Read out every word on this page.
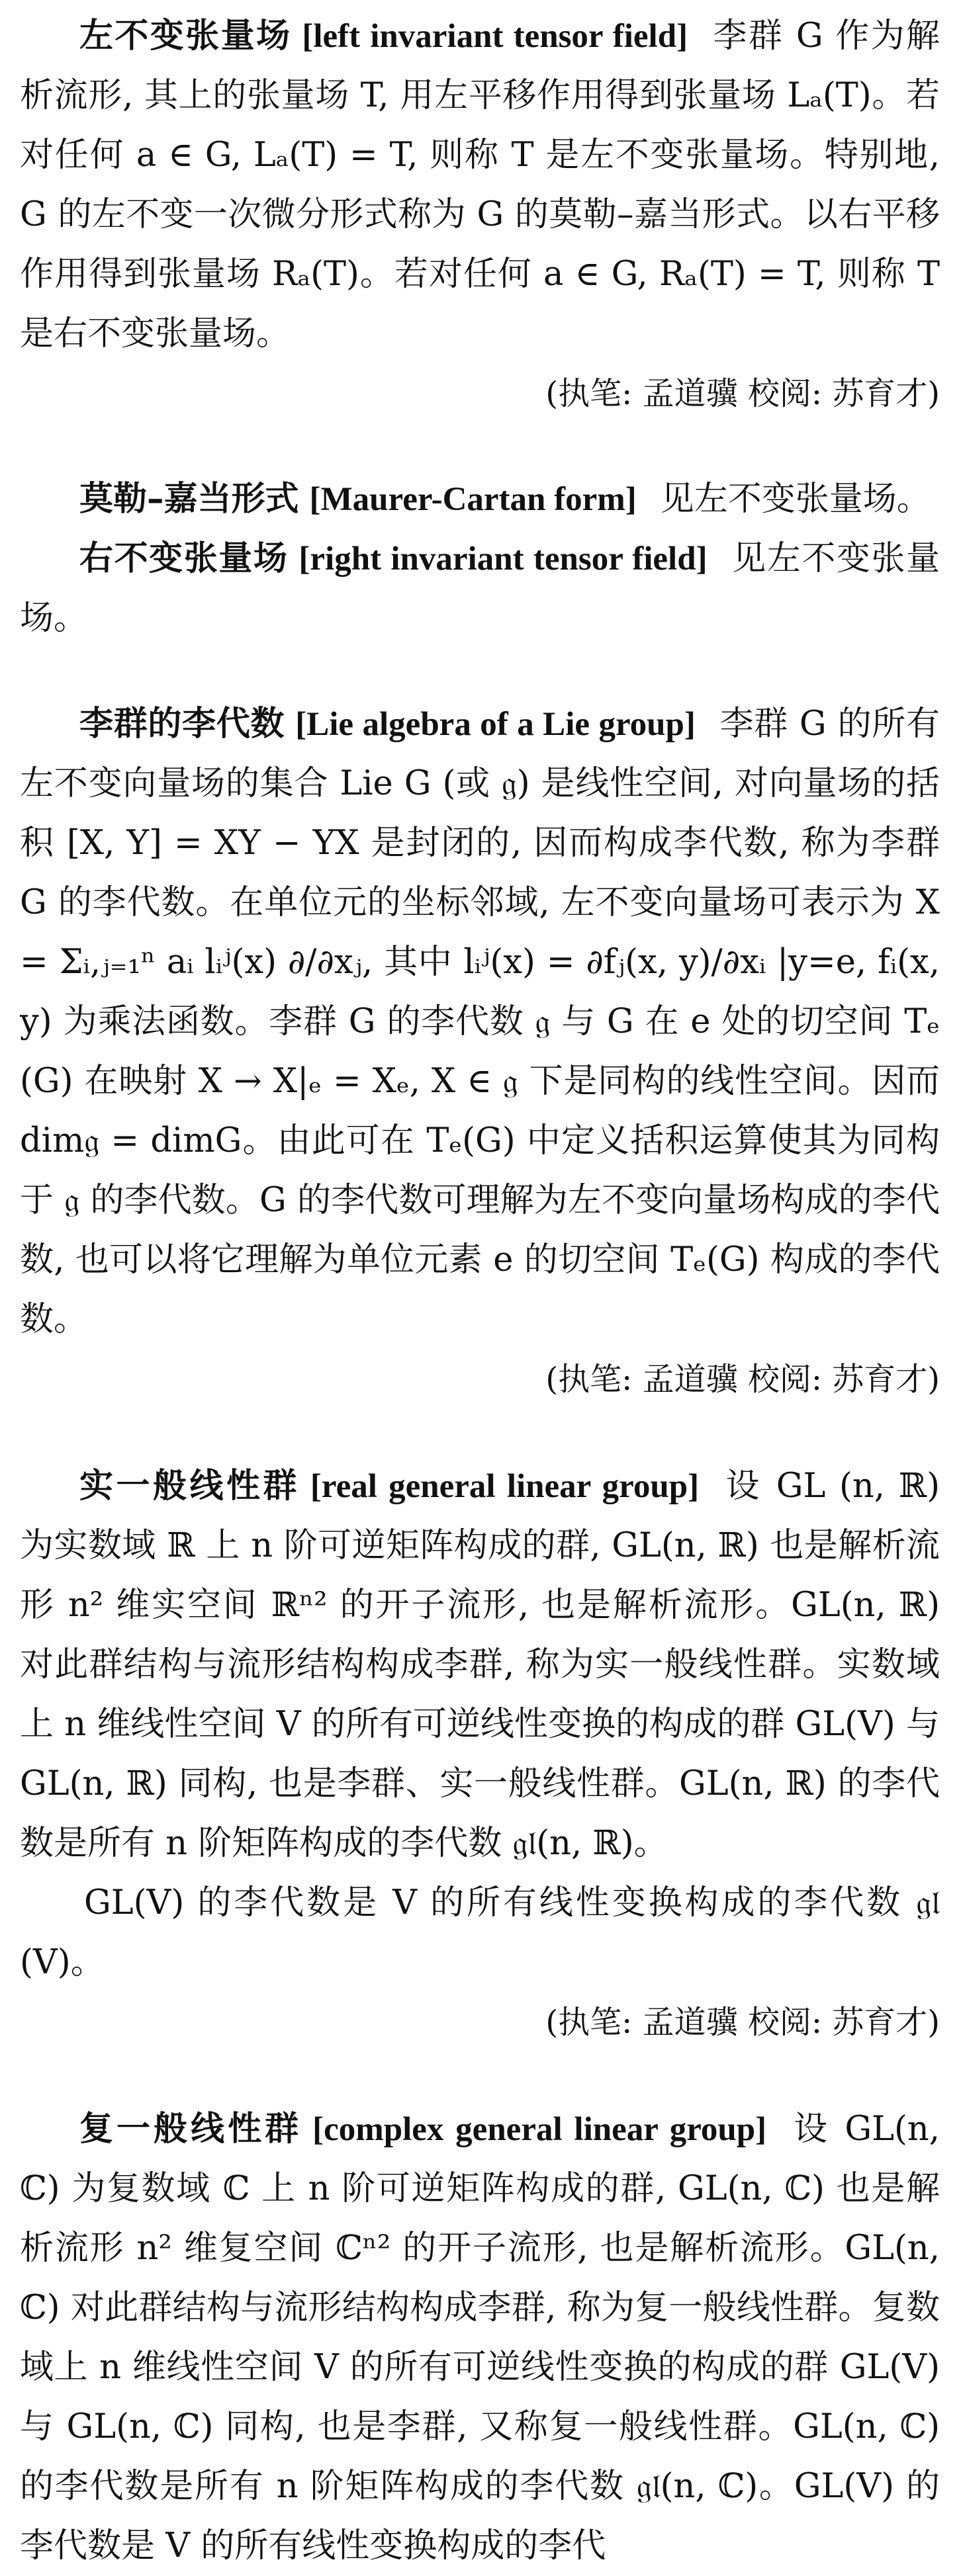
左不变张量场 [left invariant tensor field] 李群 G 作为解析流形, 其上的张量场 T, 用左平移作用得到张量场 Lₐ(T)。若对任何 a ∈ G, Lₐ(T) = T, 则称 T 是左不变张量场。特别地, G 的左不变一次微分形式称为 G 的莫勒–嘉当形式。以右平移作用得到张量场 Rₐ(T)。若对任何 a ∈ G, Rₐ(T) = T, 则称 T 是右不变张量场。

(执笔: 孟道骥 校阅: 苏育才)

莫勒–嘉当形式 [Maurer-Cartan form] 见左不变张量场。

右不变张量场 [right invariant tensor field] 见左不变张量场。

李群的李代数 [Lie algebra of a Lie group] 李群 G 的所有左不变向量场的集合 Lie G (或 𝔤) 是线性空间, 对向量场的括积 [X, Y] = XY − YX 是封闭的, 因而构成李代数, 称为李群 G 的李代数。在单位元的坐标邻域, 左不变向量场可表示为 X = Σᵢ,ⱼ₌₁ⁿ aᵢ lᵢʲ(x) ∂/∂xⱼ, 其中 lᵢʲ(x) = ∂fⱼ(x, y)/∂xᵢ |y=e, fᵢ(x, y) 为乘法函数。李群 G 的李代数 𝔤 与 G 在 e 处的切空间 Tₑ(G) 在映射 X → X|ₑ = Xₑ, X ∈ 𝔤 下是同构的线性空间。因而 dim𝔤 = dimG。由此可在 Tₑ(G) 中定义括积运算使其为同构于 𝔤 的李代数。G 的李代数可理解为左不变向量场构成的李代数, 也可以将它理解为单位元素 e 的切空间 Tₑ(G) 构成的李代数。

(执笔: 孟道骥 校阅: 苏育才)

实一般线性群 [real general linear group] 设 GL (n, ℝ) 为实数域 ℝ 上 n 阶可逆矩阵构成的群, GL(n, ℝ) 也是解析流形 n² 维实空间 ℝⁿ² 的开子流形, 也是解析流形。GL(n, ℝ) 对此群结构与流形结构构成李群, 称为实一般线性群。实数域上 n 维线性空间 V 的所有可逆线性变换的构成的群 GL(V) 与 GL(n, ℝ) 同构, 也是李群、实一般线性群。GL(n, ℝ) 的李代数是所有 n 阶矩阵构成的李代数 𝔤𝔩(n, ℝ)。

GL(V) 的李代数是 V 的所有线性变换构成的李代数 𝔤𝔩(V)。

(执笔: 孟道骥 校阅: 苏育才)

复一般线性群 [complex general linear group] 设 GL(n, ℂ) 为复数域 ℂ 上 n 阶可逆矩阵构成的群, GL(n, ℂ) 也是解析流形 n² 维复空间 ℂⁿ² 的开子流形, 也是解析流形。GL(n, ℂ) 对此群结构与流形结构构成李群, 称为复一般线性群。复数域上 n 维线性空间 V 的所有可逆线性变换的构成的群 GL(V) 与 GL(n, ℂ) 同构, 也是李群, 又称复一般线性群。GL(n, ℂ) 的李代数是所有 n 阶矩阵构成的李代数 𝔤𝔩(n, ℂ)。GL(V) 的李代数是 V 的所有线性变换构成的李代
